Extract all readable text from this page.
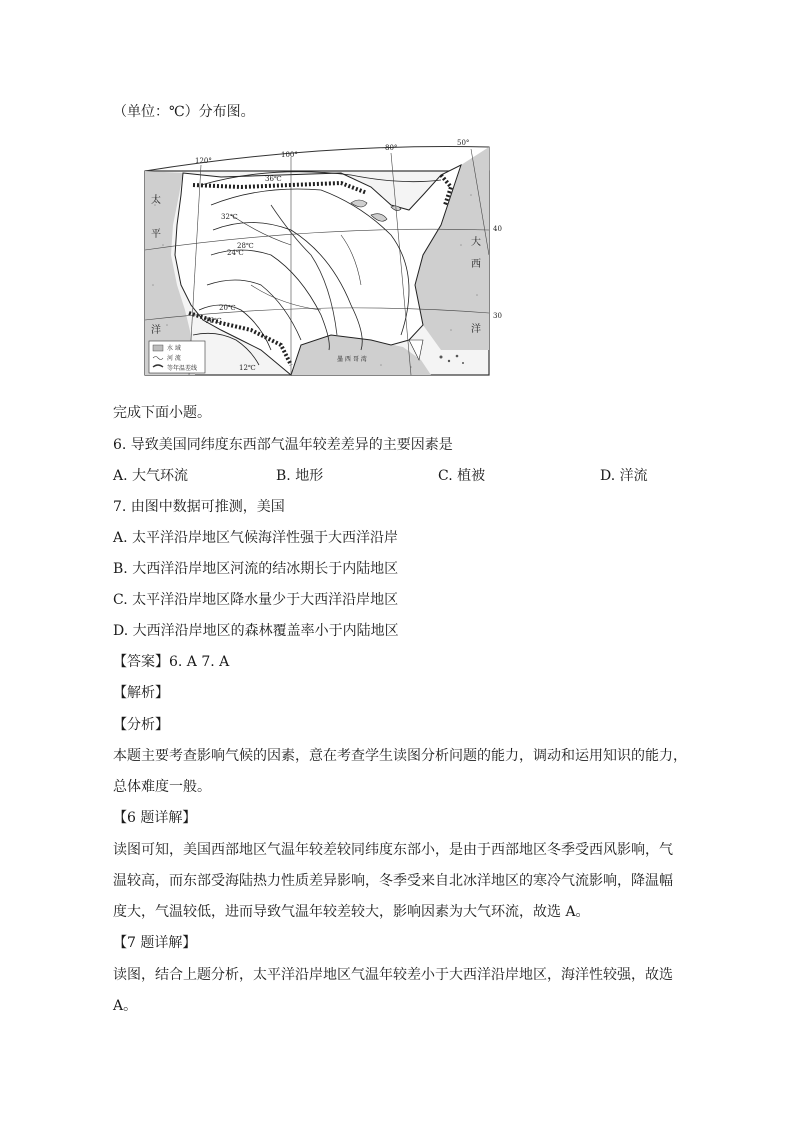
（单位：℃）分布图。
120°
100°
80°
50°
40
30
36℃
32℃
28℃
24℃
20℃
16℃
12℃
太
平
洋
大
西
洋
墨 西 哥 湾
水 域
河 流
等年温差线
完成下面小题。
6. 导致美国同纬度东西部气温年较差差异的主要因素是
A. 大气环流	B. 地形	C. 植被	D. 洋流
7. 由图中数据可推测，美国
A. 太平洋沿岸地区气候海洋性强于大西洋沿岸
B. 大西洋沿岸地区河流的结冰期长于内陆地区
C. 太平洋沿岸地区降水量少于大西洋沿岸地区
D. 大西洋沿岸地区的森林覆盖率小于内陆地区
【答案】6. A 7. A
【解析】
【分析】
本题主要考查影响气候的因素，意在考查学生读图分析问题的能力，调动和运用知识的能力，
总体难度一般。
【6 题详解】
读图可知，美国西部地区气温年较差较同纬度东部小，是由于西部地区冬季受西风影响，气
温较高，而东部受海陆热力性质差异影响，冬季受来自北冰洋地区的寒冷气流影响，降温幅
度大，气温较低，进而导致气温年较差较大，影响因素为大气环流，故选 A。
【7 题详解】
读图，结合上题分析，太平洋沿岸地区气温年较差小于大西洋沿岸地区，海洋性较强，故选
A。
